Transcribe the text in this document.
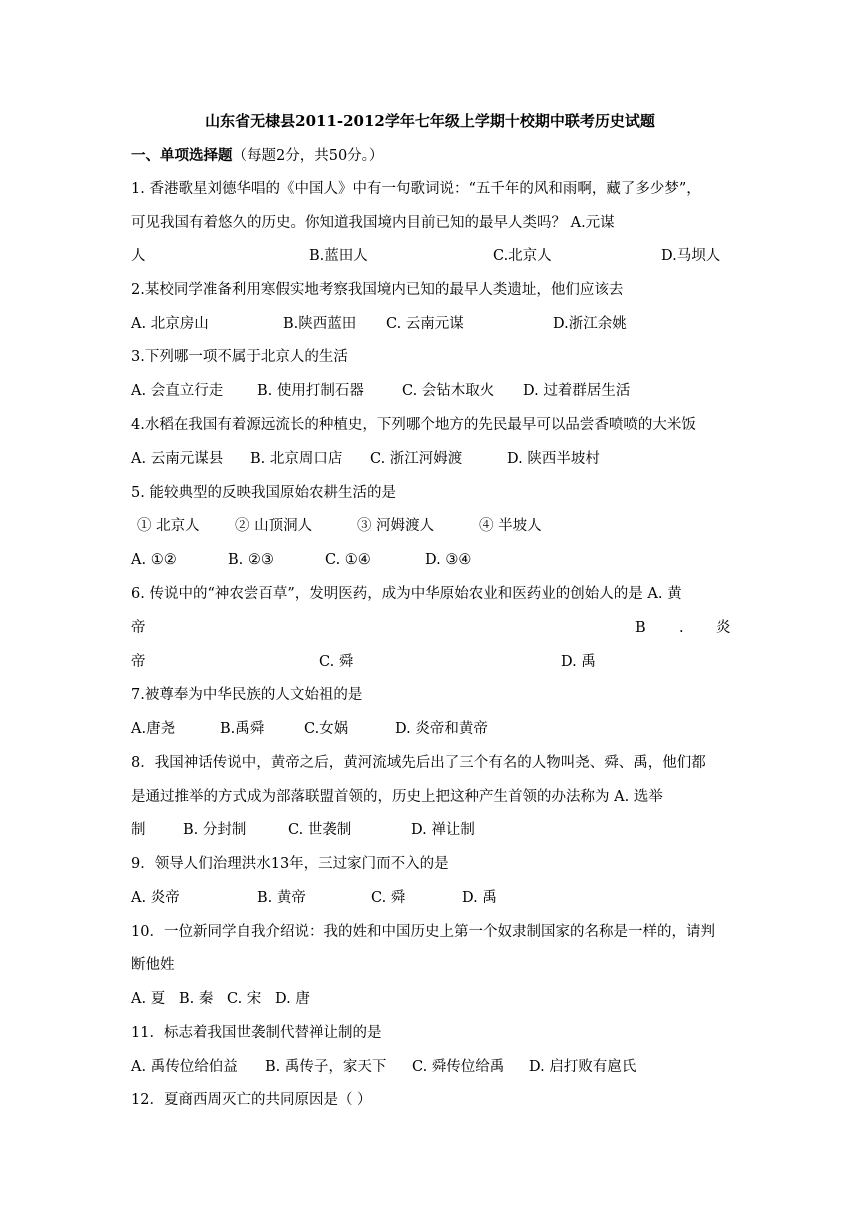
山东省无棣县2011-2012学年七年级上学期十校期中联考历史试题
一、单项选择题（每题2分，共50分。）
1. 香港歌星刘德华唱的《中国人》中有一句歌词说：“五千年的风和雨啊，藏了多少梦”，
可见我国有着悠久的历史。你知道我国境内目前已知的最早人类吗？ A.元谋
人	B.蓝田人	C.北京人	D.马坝人
2.某校同学准备利用寒假实地考察我国境内已知的最早人类遗址，他们应该去
A. 北京房山	B.陕西蓝田 C. 云南元谋	D.浙江余姚
3.下列哪一项不属于北京人的生活
A. 会直立行走 B. 使用打制石器	C. 会钻木取火 D. 过着群居生活
4.水稻在我国有着源远流长的种植史，下列哪个地方的先民最早可以品尝香喷喷的大米饭
A. 云南元谋县 B. 北京周口店 C. 浙江河姆渡	D. 陕西半坡村
5. 能较典型的反映我国原始农耕生活的是
① 北京人 ② 山顶洞人	③ 河姆渡人	④ 半坡人
A. ①②	B. ②③	C. ①④	D. ③④
6. 传说中的“神农尝百草”，发明医药，成为中华原始农业和医药业的创始人的是 A. 黄
帝	B . 炎
帝	C. 舜	D. 禹
7.被尊奉为中华民族的人文始祖的是
A.唐尧	B.禹舜	C.女娲	D. 炎帝和黄帝
8．我国神话传说中，黄帝之后，黄河流域先后出了三个有名的人物叫尧、舜、禹，他们都
是通过推举的方式成为部落联盟首领的，历史上把这种产生首领的办法称为 A. 选举
制	B. 分封制	C. 世袭制	D. 禅让制
9．领导人们治理洪水13年，三过家门而不入的是
A. 炎帝	B. 黄帝	C. 舜	D. 禹
10．一位新同学自我介绍说：我的姓和中国历史上第一个奴隶制国家的名称是一样的，请判
断他姓
A. 夏 B. 秦 C. 宋 D. 唐
11．标志着我国世袭制代替禅让制的是
A. 禹传位给伯益 B. 禹传子，家天下 C. 舜传位给禹 D. 启打败有扈氏
12．夏商西周灭亡的共同原因是（ ）
